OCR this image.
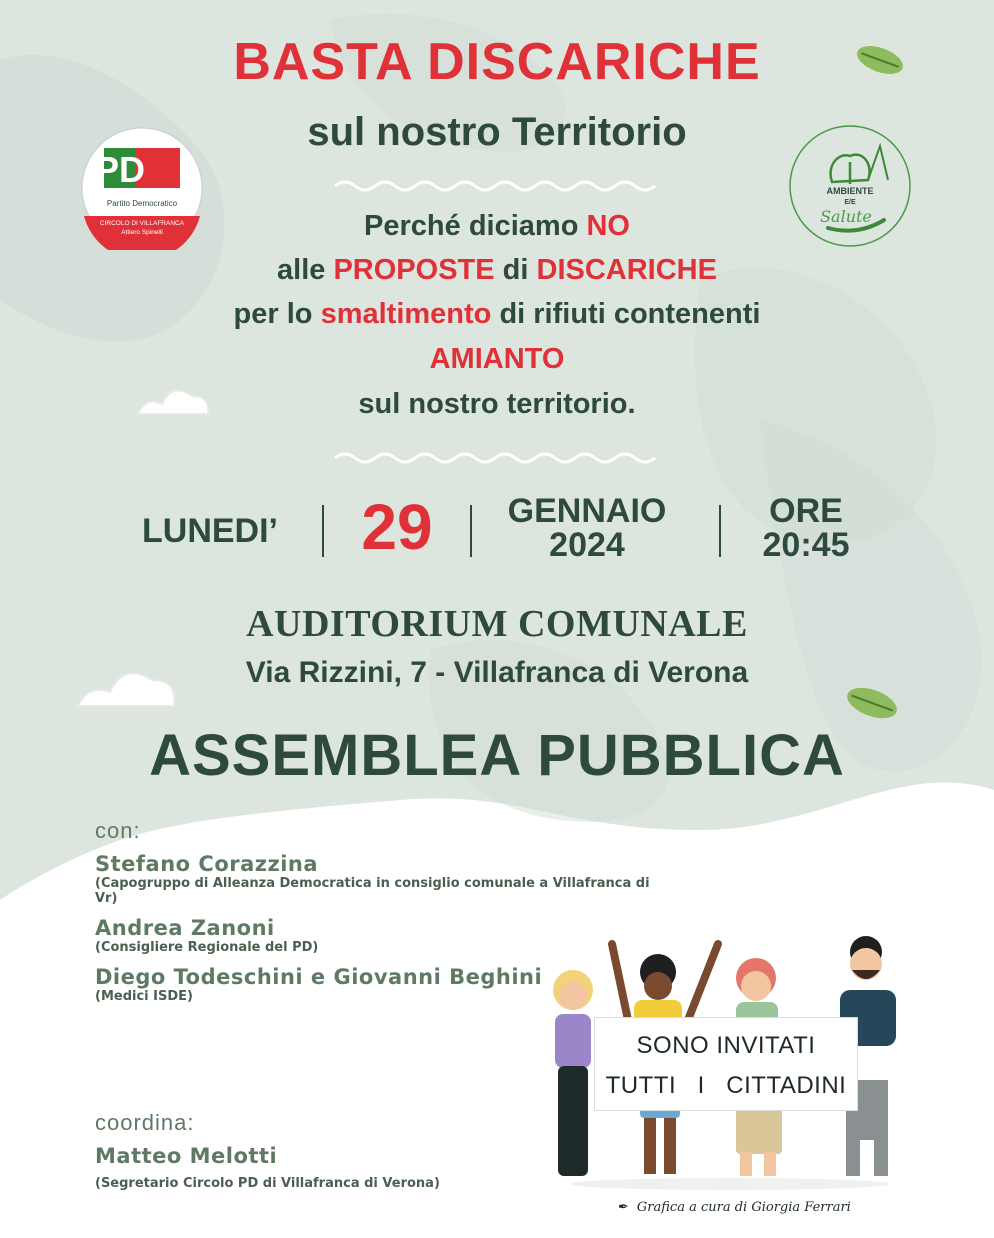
PD
Partito Democratico
CIRCOLO DI VILLAFRANCA
Attiero Spinelli
AMBIENTE
E/E
Salute
BASTA DISCARICHE
sul nostro Territorio
Perché diciamo NO
alle PROPOSTE di DISCARICHE
per lo smaltimento di rifiuti contenenti
AMIANTO
sul nostro territorio.
LUNEDI’	29	GENNAIO
2024
ORE
20:45
AUDITORIUM COMUNALE
Via Rizzini, 7 - Villafranca di Verona
ASSEMBLEA PUBBLICA
con:
Stefano Corazzina
(Capogruppo di Alleanza Democratica in consiglio comunale a Villafranca di Vr)
Andrea Zanoni
(Consigliere Regionale del PD)
Diego Todeschini e Giovanni Beghini
(Medici ISDE)
coordina:
Matteo Melotti
(Segretario Circolo PD di Villafranca di Verona)
SONO INVITATI
TUTTI   I   CITTADINI
✒ Grafica a cura di Giorgia Ferrari
